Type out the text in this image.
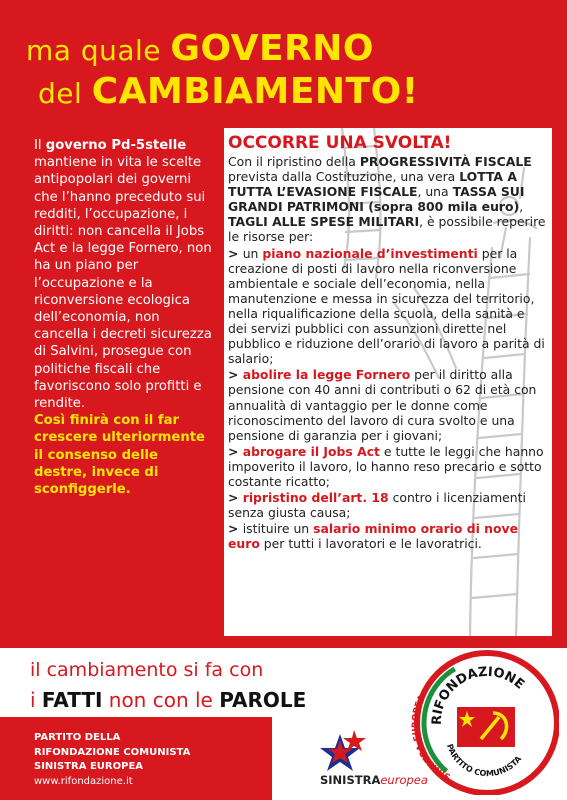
ma quale GOVERNO
del CAMBIAMENTO!
Il governo Pd-5stelle mantiene in vita le scelte antipopolari dei governi che l’hanno preceduto sui redditi, l’occupazione, i diritti: non cancella il Jobs Act e la legge Fornero, non ha un piano per l’occupazione e la riconversione ecologica dell’economia, non cancella i decreti sicurezza di Salvini, prosegue con politiche fiscali che favoriscono solo profitti e rendite.
Così finirà con il far crescere ulteriormente il consenso delle destre, invece di sconfiggerle.
OCCORRE UNA SVOLTA!
Con il ripristino della PROGRESSIVITÀ FISCALE prevista dalla Costituzione, una vera LOTTA A TUTTA L’EVASIONE FISCALE, una TASSA SUI GRANDI PATRIMONI (sopra 800 mila euro), TAGLI ALLE SPESE MILITARI, è possibile reperire le risorse per:
> un piano nazionale d’investimenti per la creazione di posti di lavoro nella riconversione ambientale e sociale dell’economia, nella manutenzione e messa in sicurezza del territorio, nella riqualificazione della scuola, della sanità e dei servizi pubblici con assunzioni dirette nel pubblico e riduzione dell’orario di lavoro a parità di salario;
> abolire la legge Fornero per il diritto alla pensione con 40 anni di contributi o 62 di età con annualità di vantaggio per le donne come riconoscimento del lavoro di cura svolto e una pensione di garanzia per i giovani;
> abrogare il Jobs Act e tutte le leggi che hanno impoverito il lavoro, lo hanno reso precario e sotto costante ricatto;
> ripristino dell’art. 18 contro i licenziamenti senza giusta causa;
> istituire un salario minimo orario di nove euro per tutti i lavoratori e le lavoratrici.
il cambiamento si fa con
i FATTI non con le PAROLE
PARTITO DELLA
RIFONDAZIONE COMUNISTA
SINISTRA EUROPEA
www.rifondazione.it	SINISTRAeuropea
RIFONDAZIONE
PARTITO COMUNISTA
SINISTRA EUROPEA
